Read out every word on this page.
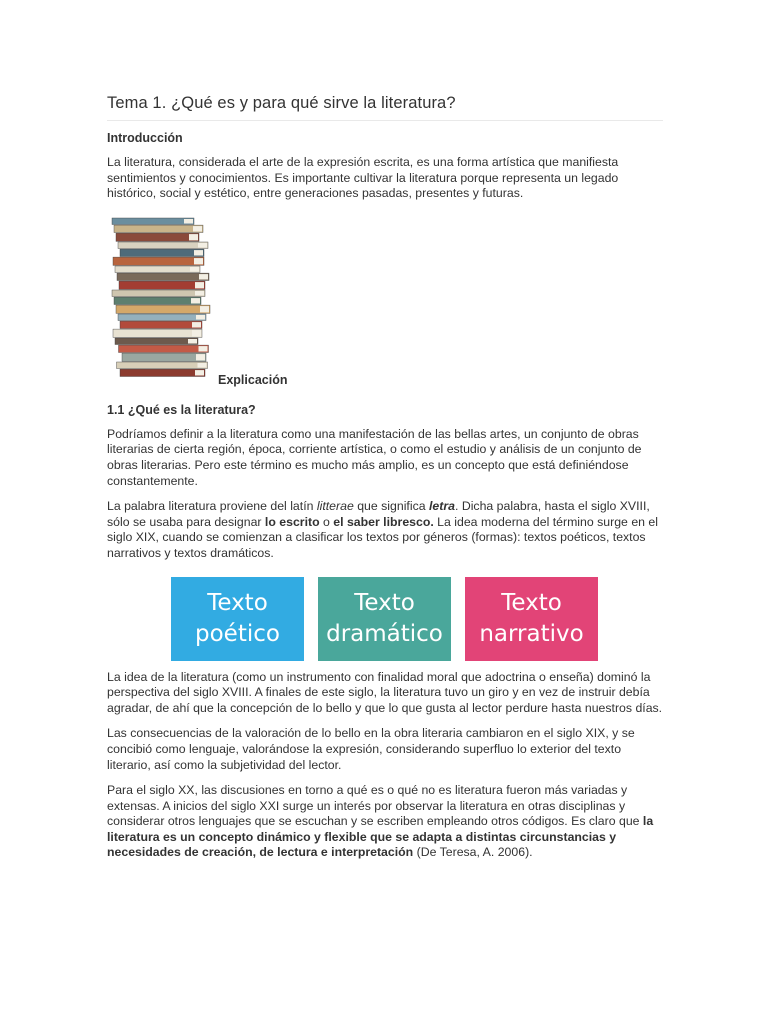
Tema 1. ¿Qué es y para qué sirve la literatura?
Introducción

La literatura, considerada el arte de la expresión escrita, es una forma artística que manifiesta sentimientos y conocimientos. Es importante cultivar la literatura porque representa un legado histórico, social y estético, entre generaciones pasadas, presentes y futuras.

Explicación
1.1 ¿Qué es la literatura?

Podríamos definir a la literatura como una manifestación de las bellas artes, un conjunto de obras literarias de cierta región, época, corriente artística, o como el estudio y análisis de un conjunto de obras literarias. Pero este término es mucho más amplio, es un concepto que está definiéndose constantemente.

La palabra literatura proviene del latín litterae que significa letra. Dicha palabra, hasta el siglo XVIII, sólo se usaba para designar lo escrito o el saber libresco. La idea moderna del término surge en el siglo XIX, cuando se comienzan a clasificar los textos por géneros (formas): textos poéticos, textos narrativos y textos dramáticos.

Texto
poético
Texto
dramático
Texto
narrativo

La idea de la literatura (como un instrumento con finalidad moral que adoctrina o enseña) dominó la perspectiva del siglo XVIII. A finales de este siglo, la literatura tuvo un giro y en vez de instruir debía agradar, de ahí que la concepción de lo bello y que lo que gusta al lector perdure hasta nuestros días.

Las consecuencias de la valoración de lo bello en la obra literaria cambiaron en el siglo XIX, y se concibió como lenguaje, valorándose la expresión, considerando superfluo lo exterior del texto literario, así como la subjetividad del lector.

Para el siglo XX, las discusiones en torno a qué es o qué no es literatura fueron más variadas y extensas. A inicios del siglo XXI surge un interés por observar la literatura en otras disciplinas y considerar otros lenguajes que se escuchan y se escriben empleando otros códigos. Es claro que la literatura es un concepto dinámico y flexible que se adapta a distintas circunstancias y necesidades de creación, de lectura e interpretación (De Teresa, A. 2006).
